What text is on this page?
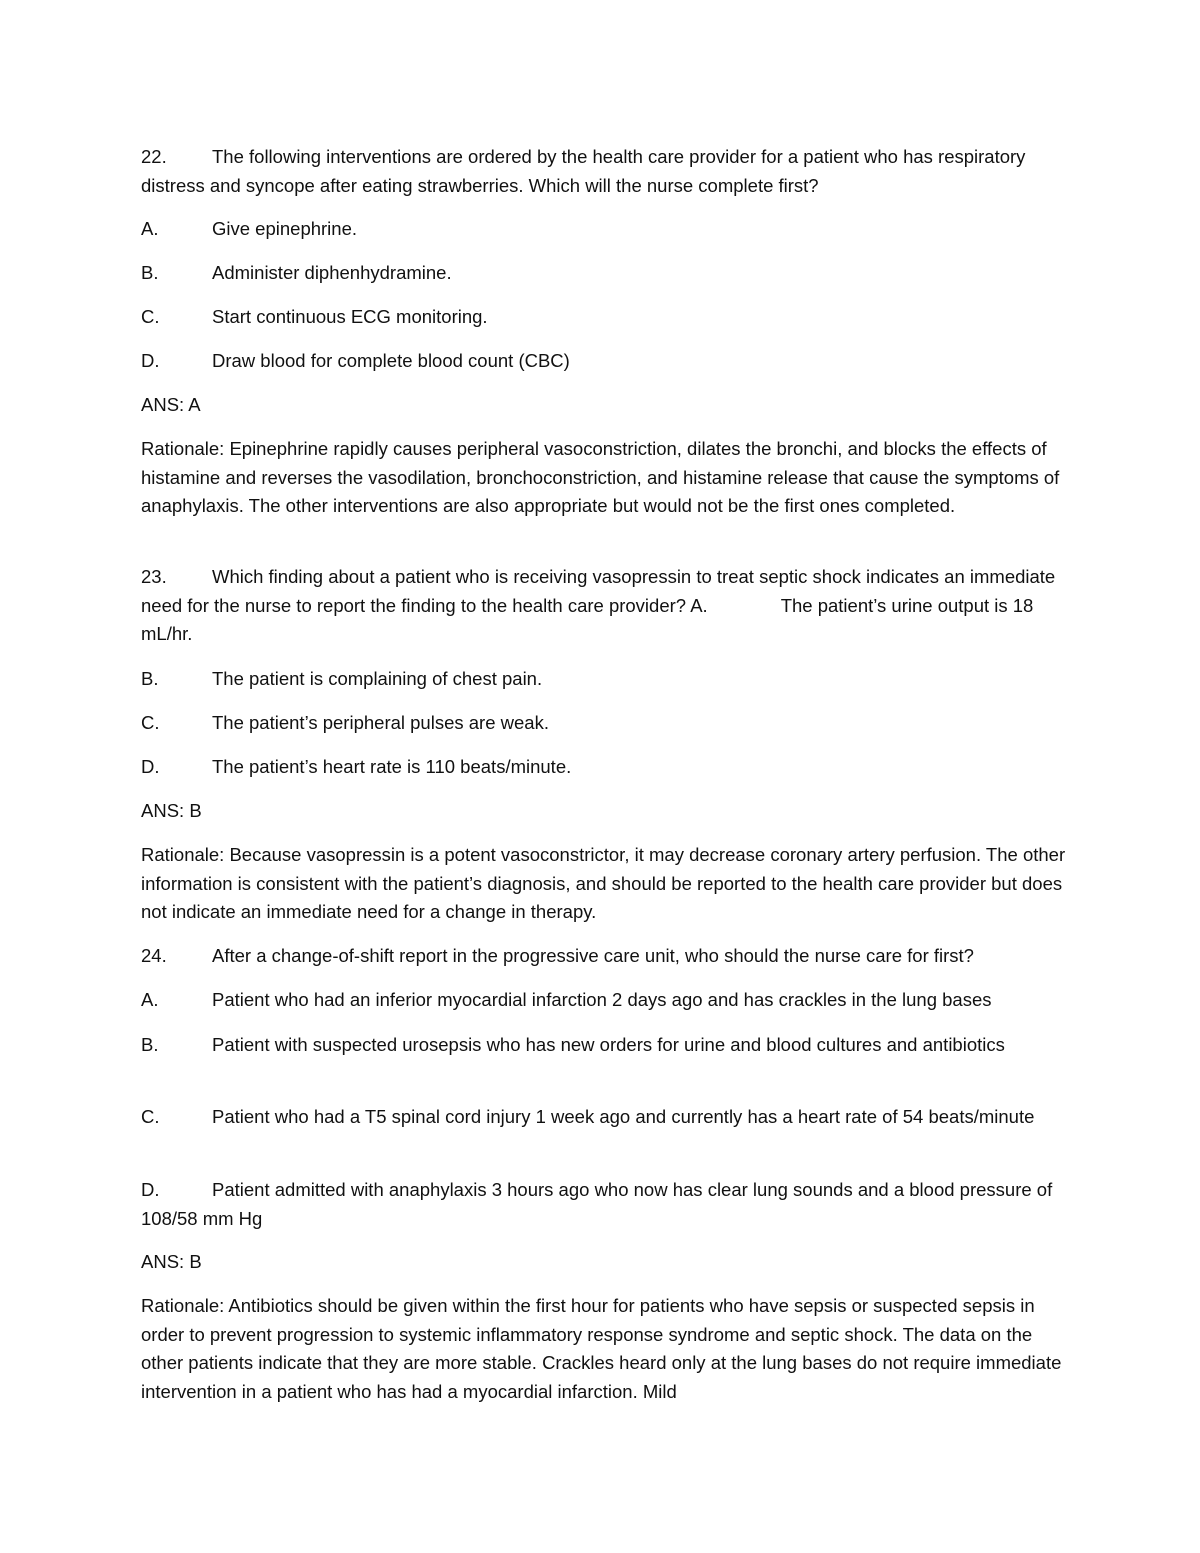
22. The following interventions are ordered by the health care provider for a patient who has respiratory distress and syncope after eating strawberries. Which will the nurse complete first?
A.	Give epinephrine.
B.	Administer diphenhydramine.
C.	Start continuous ECG monitoring.
D.	Draw blood for complete blood count (CBC)
ANS: A
Rationale: Epinephrine rapidly causes peripheral vasoconstriction, dilates the bronchi, and blocks the effects of histamine and reverses the vasodilation, bronchoconstriction, and histamine release that cause the symptoms of anaphylaxis. The other interventions are also appropriate but would not be the first ones completed.
23. Which finding about a patient who is receiving vasopressin to treat septic shock indicates an immediate need for the nurse to report the finding to the health care provider? A.	The patient’s urine output is 18 mL/hr.
B.	The patient is complaining of chest pain.
C.	The patient’s peripheral pulses are weak.
D.	The patient’s heart rate is 110 beats/minute.
ANS: B
Rationale: Because vasopressin is a potent vasoconstrictor, it may decrease coronary artery perfusion. The other information is consistent with the patient’s diagnosis, and should be reported to the health care provider but does not indicate an immediate need for a change in therapy.
24. After a change-of-shift report in the progressive care unit, who should the nurse care for first?
A.	Patient who had an inferior myocardial infarction 2 days ago and has crackles in the lung bases
B.	Patient with suspected urosepsis who has new orders for urine and blood cultures and antibiotics
C.	Patient who had a T5 spinal cord injury 1 week ago and currently has a heart rate of 54 beats/minute
D.	Patient admitted with anaphylaxis 3 hours ago who now has clear lung sounds and a blood pressure of 108/58 mm Hg
ANS: B
Rationale: Antibiotics should be given within the first hour for patients who have sepsis or suspected sepsis in order to prevent progression to systemic inflammatory response syndrome and septic shock. The data on the other patients indicate that they are more stable. Crackles heard only at the lung bases do not require immediate intervention in a patient who has had a myocardial infarction. Mild
